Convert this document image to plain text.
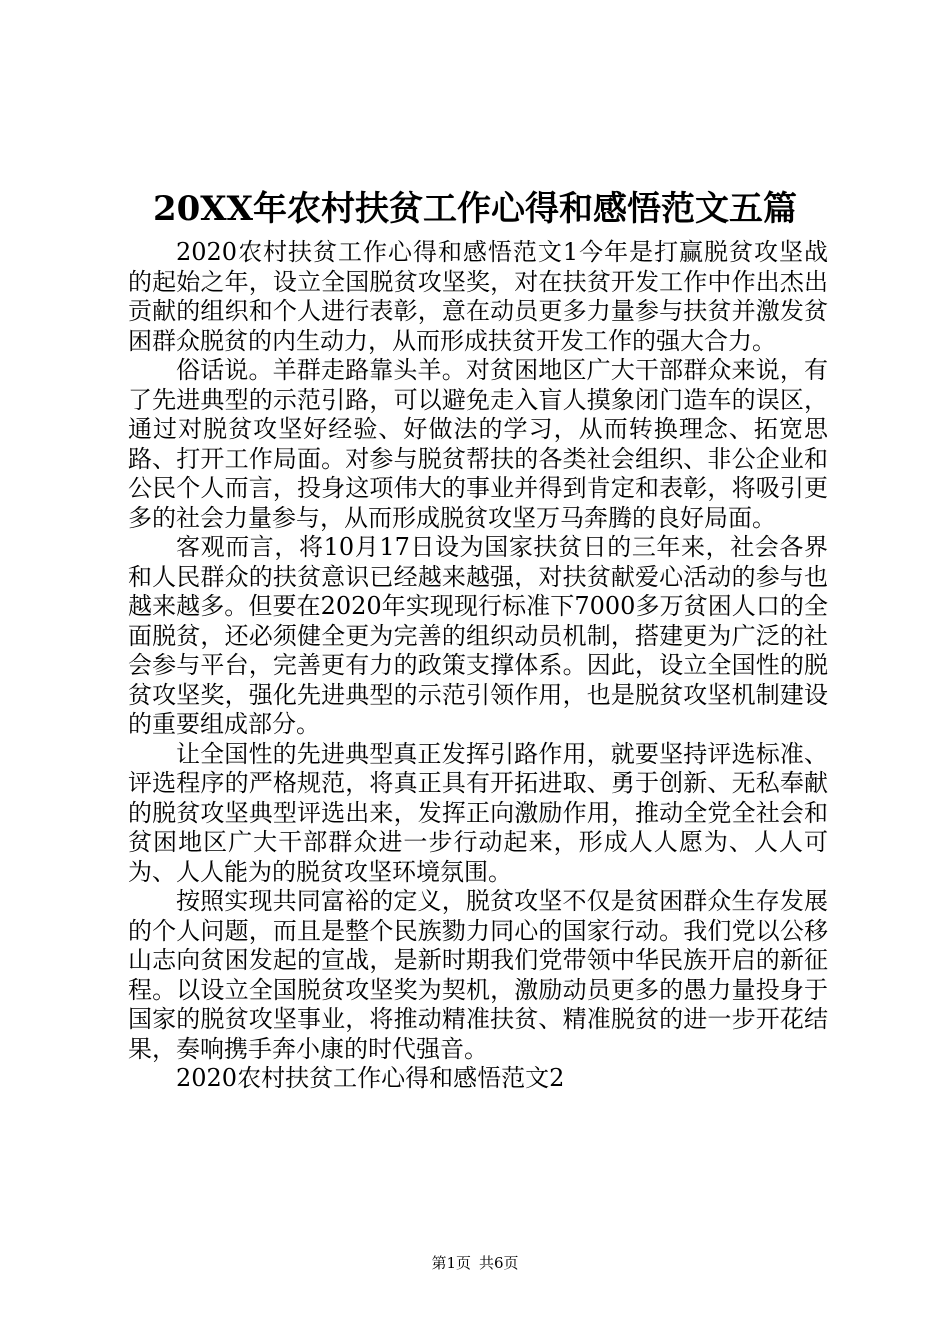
20XX年农村扶贫工作心得和感悟范文五篇

2020农村扶贫工作心得和感悟范文1今年是打赢脱贫攻坚战的起始之年，设立全国脱贫攻坚奖，对在扶贫开发工作中作出杰出贡献的组织和个人进行表彰，意在动员更多力量参与扶贫并激发贫困群众脱贫的内生动力，从而形成扶贫开发工作的强大合力。

俗话说。羊群走路靠头羊。对贫困地区广大干部群众来说，有了先进典型的示范引路，可以避免走入盲人摸象闭门造车的误区，通过对脱贫攻坚好经验、好做法的学习，从而转换理念、拓宽思路、打开工作局面。对参与脱贫帮扶的各类社会组织、非公企业和公民个人而言，投身这项伟大的事业并得到肯定和表彰，将吸引更多的社会力量参与，从而形成脱贫攻坚万马奔腾的良好局面。

客观而言，将10月17日设为国家扶贫日的三年来，社会各界和人民群众的扶贫意识已经越来越强，对扶贫献爱心活动的参与也越来越多。但要在2020年实现现行标准下7000多万贫困人口的全面脱贫，还必须健全更为完善的组织动员机制，搭建更为广泛的社会参与平台，完善更有力的政策支撑体系。因此，设立全国性的脱贫攻坚奖，强化先进典型的示范引领作用，也是脱贫攻坚机制建设的重要组成部分。

让全国性的先进典型真正发挥引路作用，就要坚持评选标准、评选程序的严格规范，将真正具有开拓进取、勇于创新、无私奉献的脱贫攻坚典型评选出来，发挥正向激励作用，推动全党全社会和贫困地区广大干部群众进一步行动起来，形成人人愿为、人人可为、人人能为的脱贫攻坚环境氛围。

按照实现共同富裕的定义，脱贫攻坚不仅是贫困群众生存发展的个人问题，而且是整个民族勠力同心的国家行动。我们党以公移山志向贫困发起的宣战，是新时期我们党带领中华民族开启的新征程。以设立全国脱贫攻坚奖为契机，激励动员更多的愚力量投身于国家的脱贫攻坚事业，将推动精准扶贫、精准脱贫的进一步开花结果，奏响携手奔小康的时代强音。

2020农村扶贫工作心得和感悟范文2

第1页 共6页
